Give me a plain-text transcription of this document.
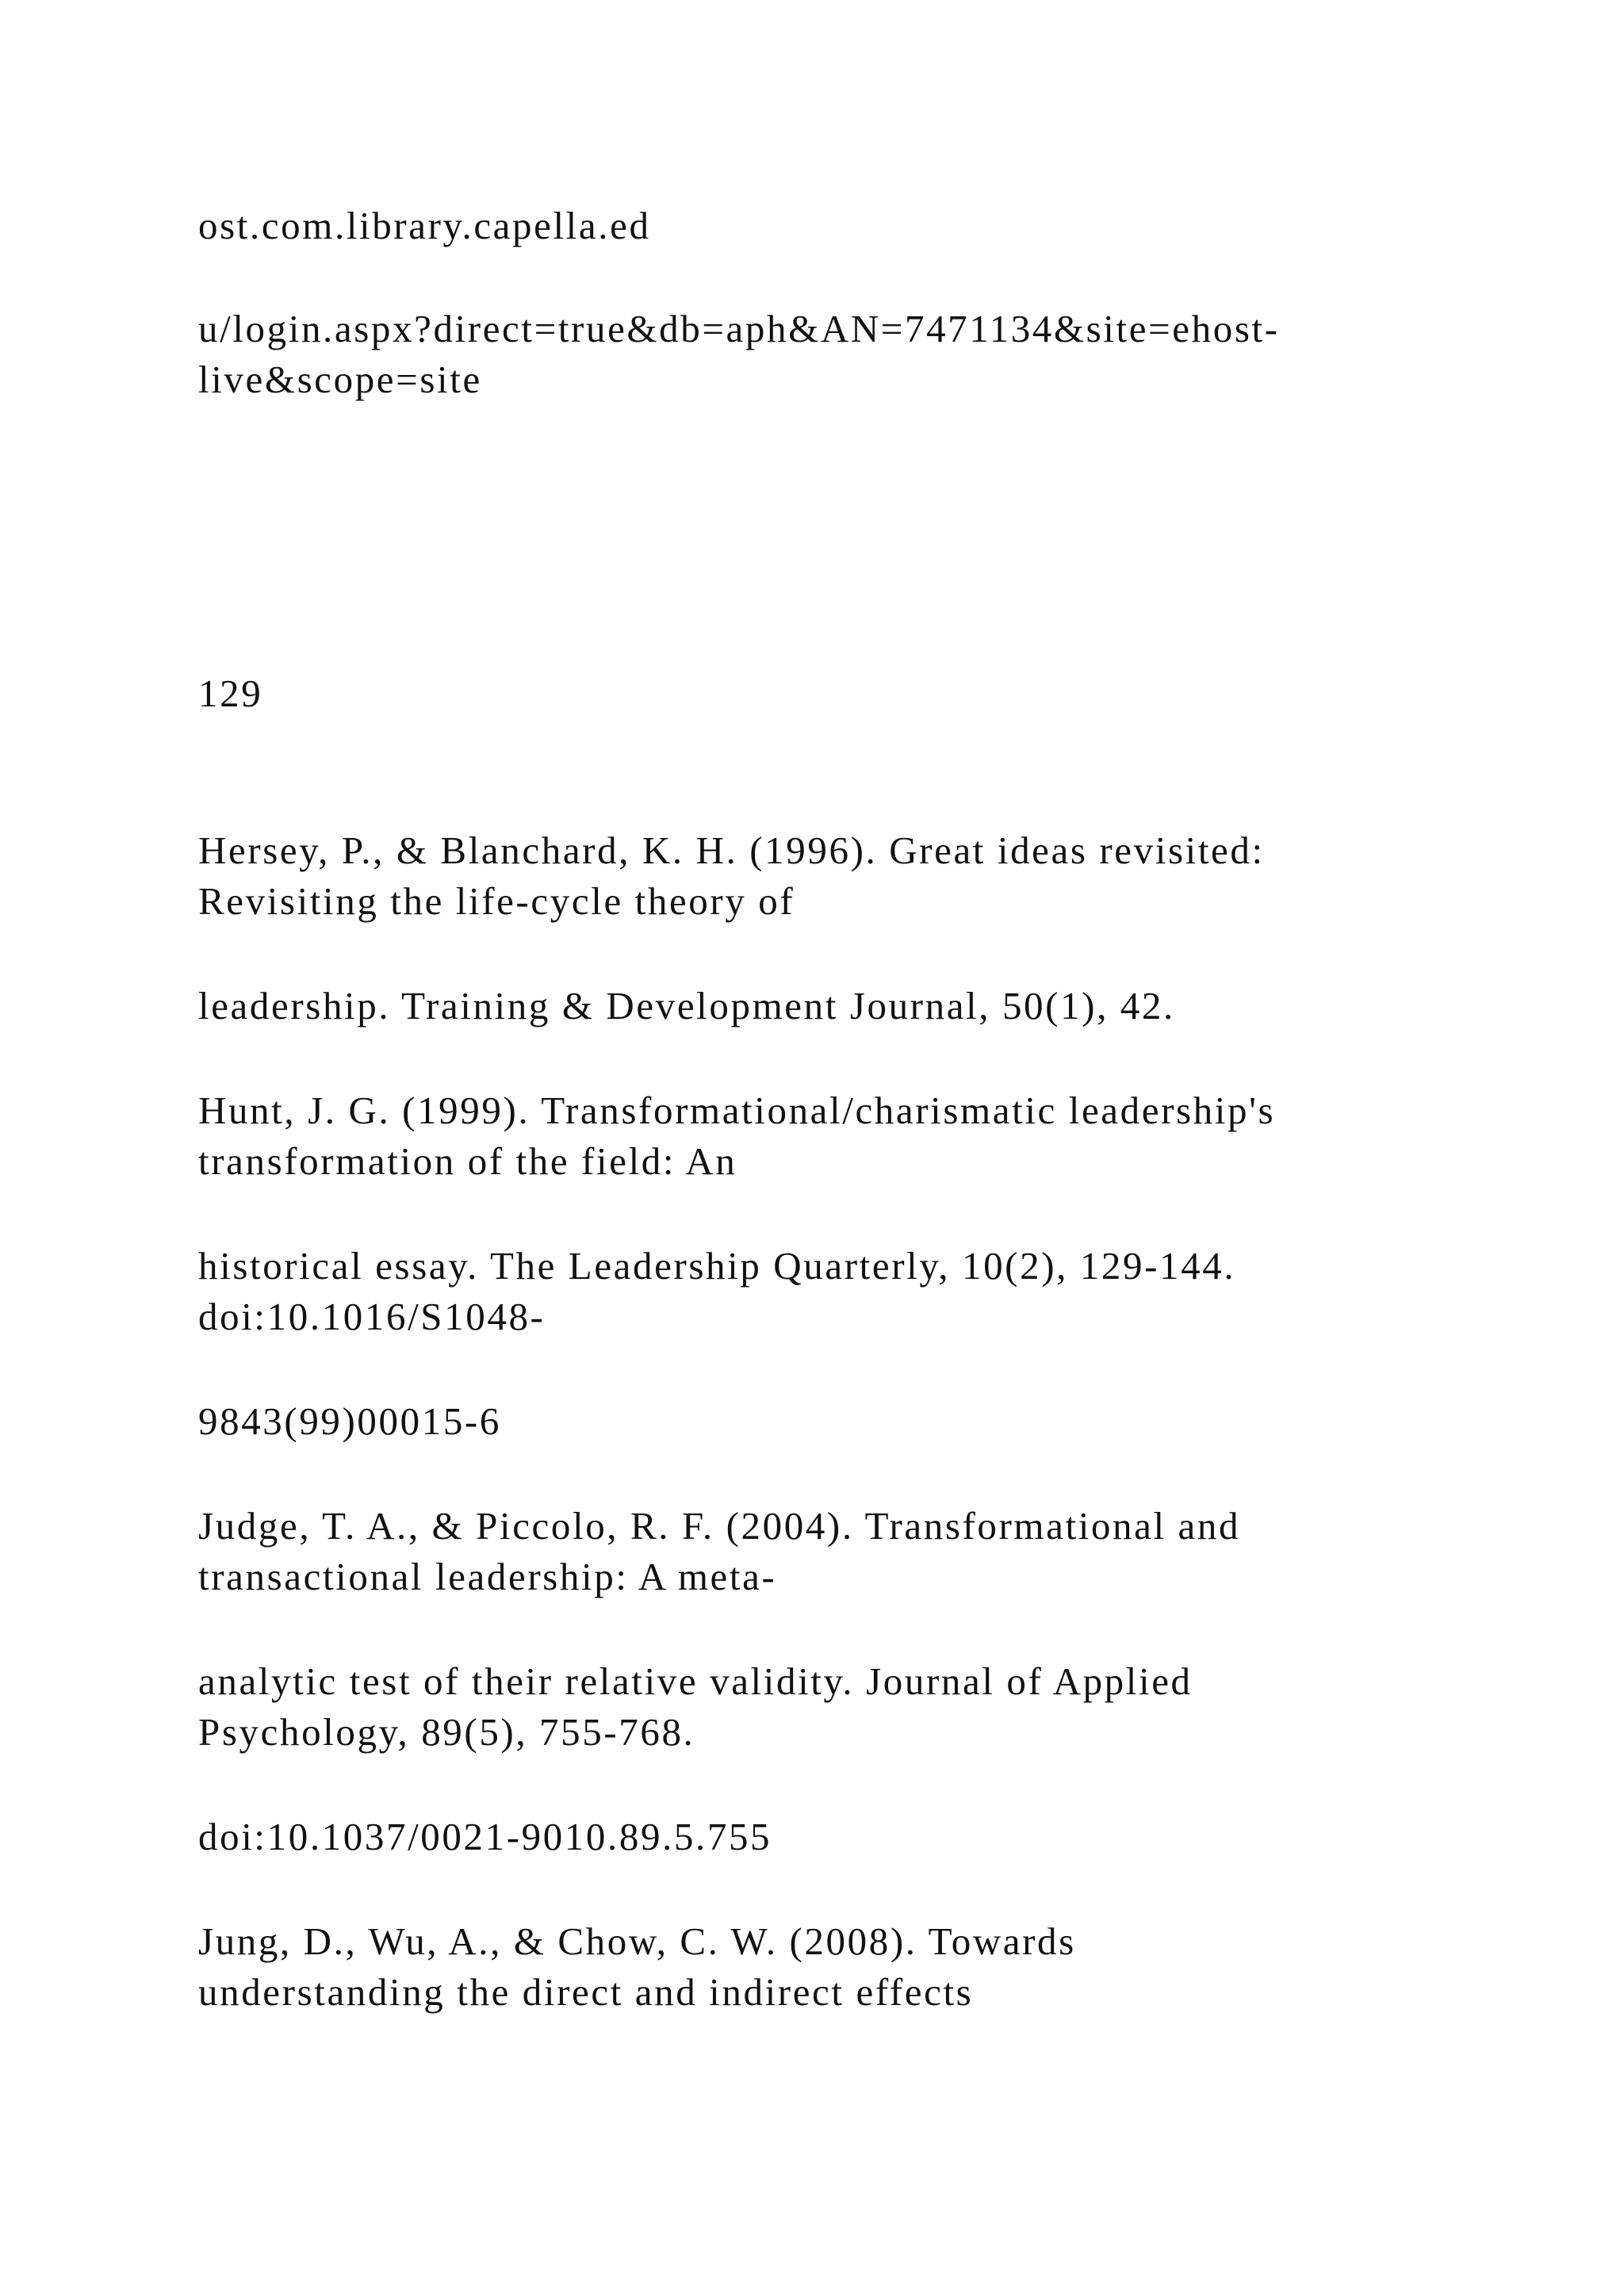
ost.com.library.capella.ed

u/login.aspx?direct=true&db=aph&AN=7471134&site=ehost-

live&scope=site

129

Hersey, P., & Blanchard, K. H. (1996). Great ideas revisited:

Revisiting the life-cycle theory of

leadership. Training & Development Journal, 50(1), 42.

Hunt, J. G. (1999). Transformational/charismatic leadership's

transformation of the field: An

historical essay. The Leadership Quarterly, 10(2), 129-144.

doi:10.1016/S1048-

9843(99)00015-6

Judge, T. A., & Piccolo, R. F. (2004). Transformational and

transactional leadership: A meta-

analytic test of their relative validity. Journal of Applied

Psychology, 89(5), 755-768.

doi:10.1037/0021-9010.89.5.755

Jung, D., Wu, A., & Chow, C. W. (2008). Towards

understanding the direct and indirect effects
